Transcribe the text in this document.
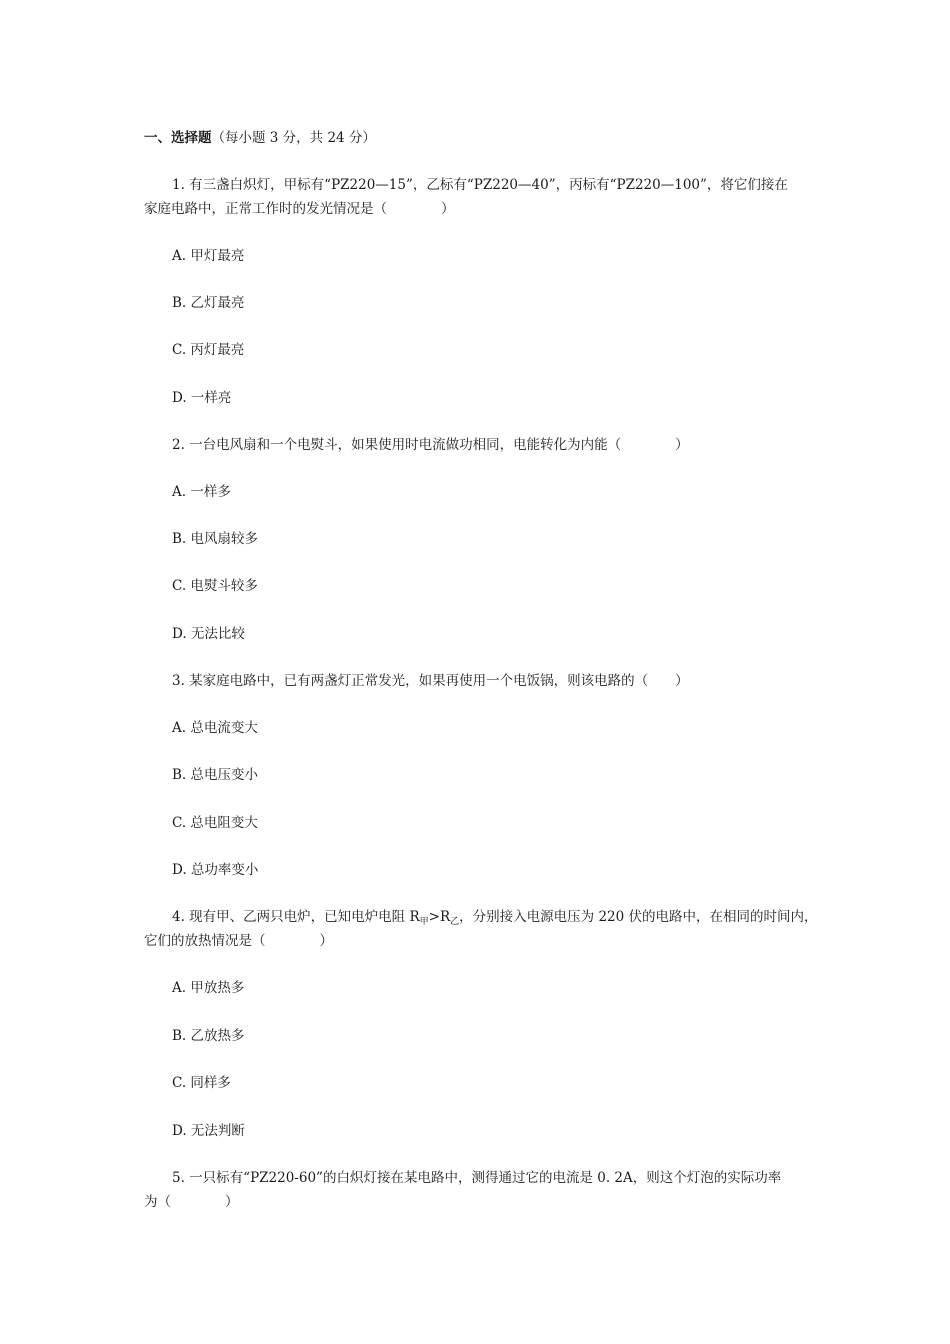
一、选择题（每小题 3 分，共 24 分）
1. 有三盏白炽灯，甲标有“PZ220—15”，乙标有“PZ220—40”，丙标有“PZ220—100”，将它们接在
家庭电路中，正常工作时的发光情况是（　　　　）
A. 甲灯最亮
B. 乙灯最亮
C. 丙灯最亮
D. 一样亮
2. 一台电风扇和一个电熨斗，如果使用时电流做功相同，电能转化为内能（　　　　）
A. 一样多
B. 电风扇较多
C. 电熨斗较多
D. 无法比较
3. 某家庭电路中，已有两盏灯正常发光，如果再使用一个电饭锅，则该电路的（　　）
A. 总电流变大
B. 总电压变小
C. 总电阻变大
D. 总功率变小
4. 现有甲、乙两只电炉，已知电炉电阻 $R_甲>R_乙$，分别接入电源电压为 220 伏的电路中，在相同的时间内，
它们的放热情况是（　　　　）
A. 甲放热多
B. 乙放热多
C. 同样多
D. 无法判断
5. 一只标有“PZ220-60”的白炽灯接在某电路中，测得通过它的电流是 0. 2A，则这个灯泡的实际功率
为（　　　　）
